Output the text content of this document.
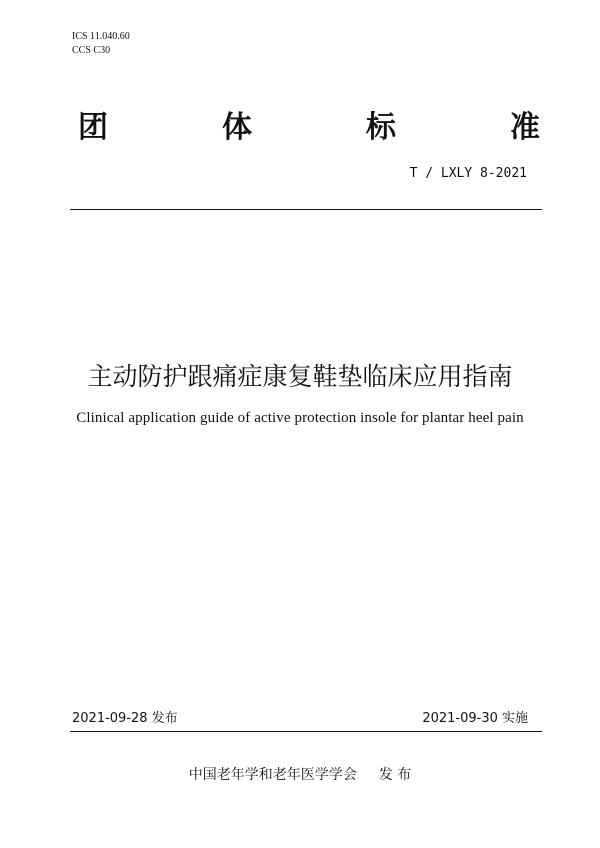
ICS 11.040.60
CCS C30
团	体	标	准
T / LXLY 8-2021
主动防护跟痛症康复鞋垫临床应用指南
Clinical application guide of active protection insole for plantar heel pain
2021-09-28 发布	2021-09-30 实施
中国老年学和老年医学学会 发 布
